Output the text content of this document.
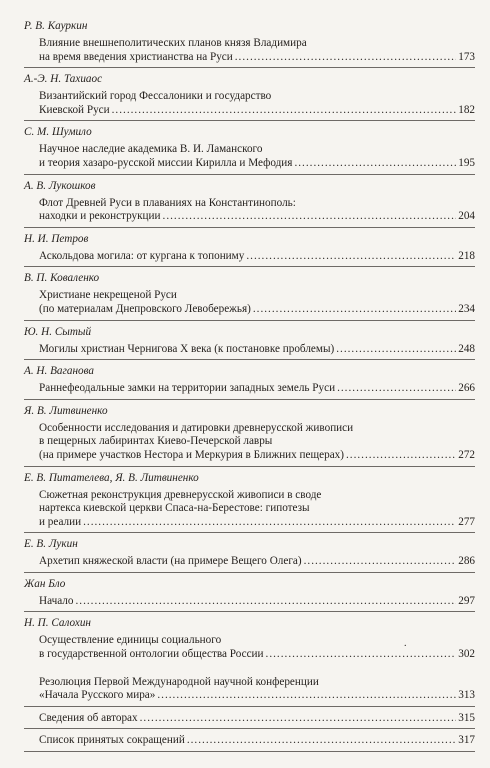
Р. В. Кауркин
Влияние внешнеполитических планов князя Владимира
на время введения христианства на Руси .....	173
А.-Э. Н. Тахиаос
Византийский город Фессалоники и государство
Киевской Руси .....	182
С. М. Шумило
Научное наследие академика В. И. Ламанского
и теория хазаро-русской миссии Кирилла и Мефодия .....	195
А. В. Лукошков
Флот Древней Руси в плаваниях на Константинополь:
находки и реконструкции .....	204
Н. И. Петров
Аскольдова могила: от кургана к топониму .....	218
В. П. Коваленко
Христиане некрещеной Руси
(по материалам Днепровского Левобережья) .....	234
Ю. Н. Сытый
Могилы христиан Чернигова X века (к постановке проблемы) .....	248
А. Н. Ваганова
Раннефеодальные замки на территории западных земель Руси .....	266
Я. В. Литвиненко
Особенности исследования и датировки древнерусской живописи
в пещерных лабиринтах Киево-Печерской лавры
(на примере участков Нестора и Меркурия в Ближних пещерах) .....	272
Е. В. Питателева, Я. В. Литвиненко
Сюжетная реконструкция древнерусской живописи в своде
нартекса киевской церкви Спаса-на-Берестове: гипотезы
и реалии .....	277
Е. В. Лукин
Архетип княжеской власти (на примере Вещего Олега) .....	286
Жан Бло
Начало .....	297
Н. П. Салохин
Осуществление единицы социального
в государственной онтологии общества России .....	302
Резолюция Первой Международной научной конференции
«Начала Русского мира» .....	313
Сведения об авторах .....	315
Список принятых сокращений .....	317
.
